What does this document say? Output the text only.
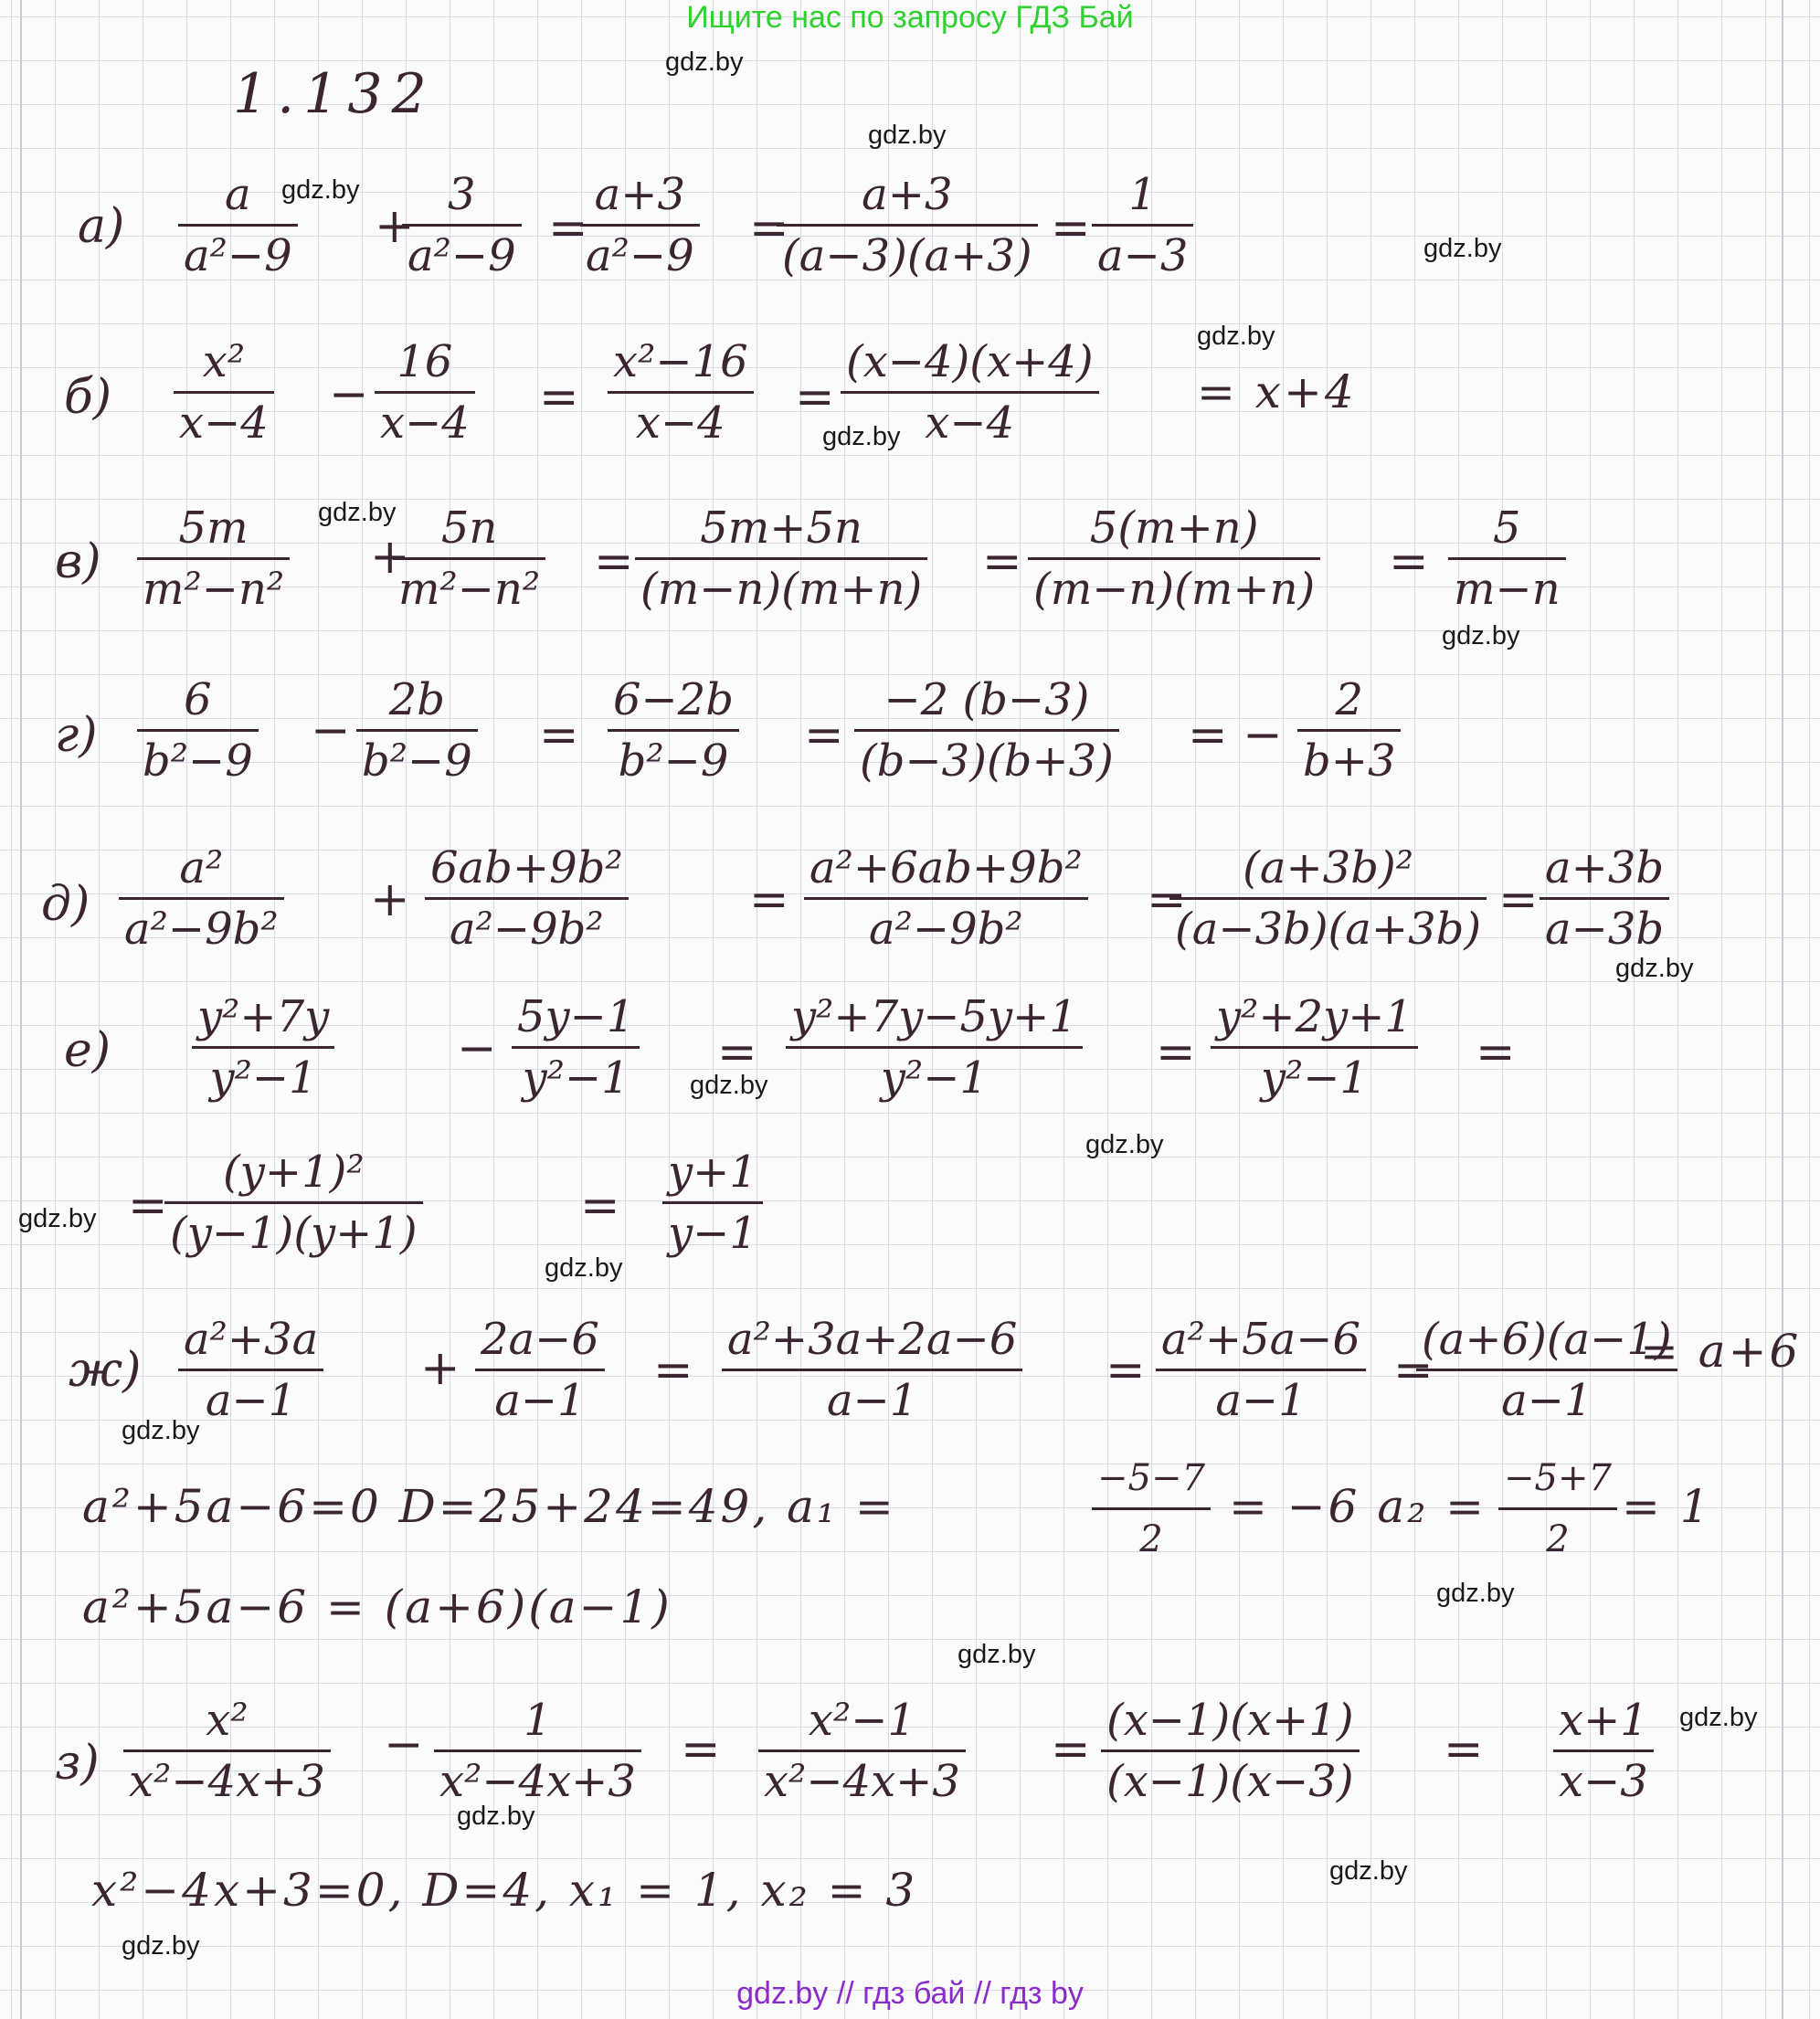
Ищите нас по запросу ГДЗ Бай
1.132	gdz.by
gdz.by
gdz.by
gdz.by
gdz.by
gdz.by
gdz.by
gdz.by
gdz.by
gdz.by
gdz.by
gdz.by
gdz.by
gdz.by
gdz.by
gdz.by
gdz.by
gdz.by
gdz.by
gdz.by
$а) \frac{a}{\text{a²−9}}$ +
$\frac{3}{\text{a²−9}}$ =
$\frac{a+3}{\text{a²−9}}$ =
$\frac{a+3}{(a-3)(a+3)} = \frac{1}{a-3}$
$б) \frac{\text{x²}}{x-4} - \frac{16}{x-4} = \frac{\text{x²−16}}{x-4} = \frac{(x-4)(x+4)}{x-4} = x+4$
$в) \frac{5m}{\text{m²−n²}}$ +
$\frac{5n}{\text{m²−n²}} = \frac{5m+5n}{(m-n)(m+n)} = \frac{5(m+n)}{(m-n)(m+n)} = \frac{5}{m-n}$
$г) \frac{6}{\text{b²−9}} - \frac{2b}{\text{b²−9}} = \frac{6-2b}{\text{b²−9}} = \frac{-2 (b-3)}{(b-3)(b+3)}$ = − $\frac{2}{b+3}$
$д) \frac{\text{a²}}{\text{a²−9b²}} + \frac{\text{6ab+9b²}}{\text{a²−9b²}}$	= $\frac{\text{a²+6ab+9b²}}{\text{a²−9b²}}$ =
$\frac{\text{(a+3b)²}}{(a-3b)(a+3b)} = \frac{a+3b}{a-3b}$
$е) \frac{\text{y²+7y}}{\text{y²−1}}$	− $\frac{5y-1}{\text{y²−1}} = \frac{\text{y²+7y−5y+1}}{\text{y²−1}} = \frac{\text{y²+2y+1}}{\text{y²−1}}$ =
=
$\frac{\text{(y+1)²}}{(y-1)(y+1)}$	= $\frac{y+1}{y-1}$
$ж) \frac{\text{a²+3a}}{a-1} + \frac{2a-6}{a-1} = \frac{\text{a²+3a+2a−6}}{a-1} = \frac{\text{a²+5a−6}}{a-1}$ =
$\frac{(a+6)(a-1)}{a-1}$
= a+6
a²+5a−6=0 D=25+24=49, a₁ =	$\frac{-5-7}{2} = -6$ $a_2 = \frac{-5+7}{2} = 1$
a²+5a−6 = (a+6)(a−1)
$з) \frac{\text{x²}}{\text{x²−4x+3}} - \frac{1}{\text{x²−4x+3}} = \frac{\text{x²−1}}{\text{x²−4x+3}} = \frac{(x-1)(x+1)}{(x-1)(x-3)} = \frac{x+1}{x-3}$
x²−4x+3=0, D=4, x₁ = 1, x₂ = 3
gdz.by // гдз бай // гдз by
